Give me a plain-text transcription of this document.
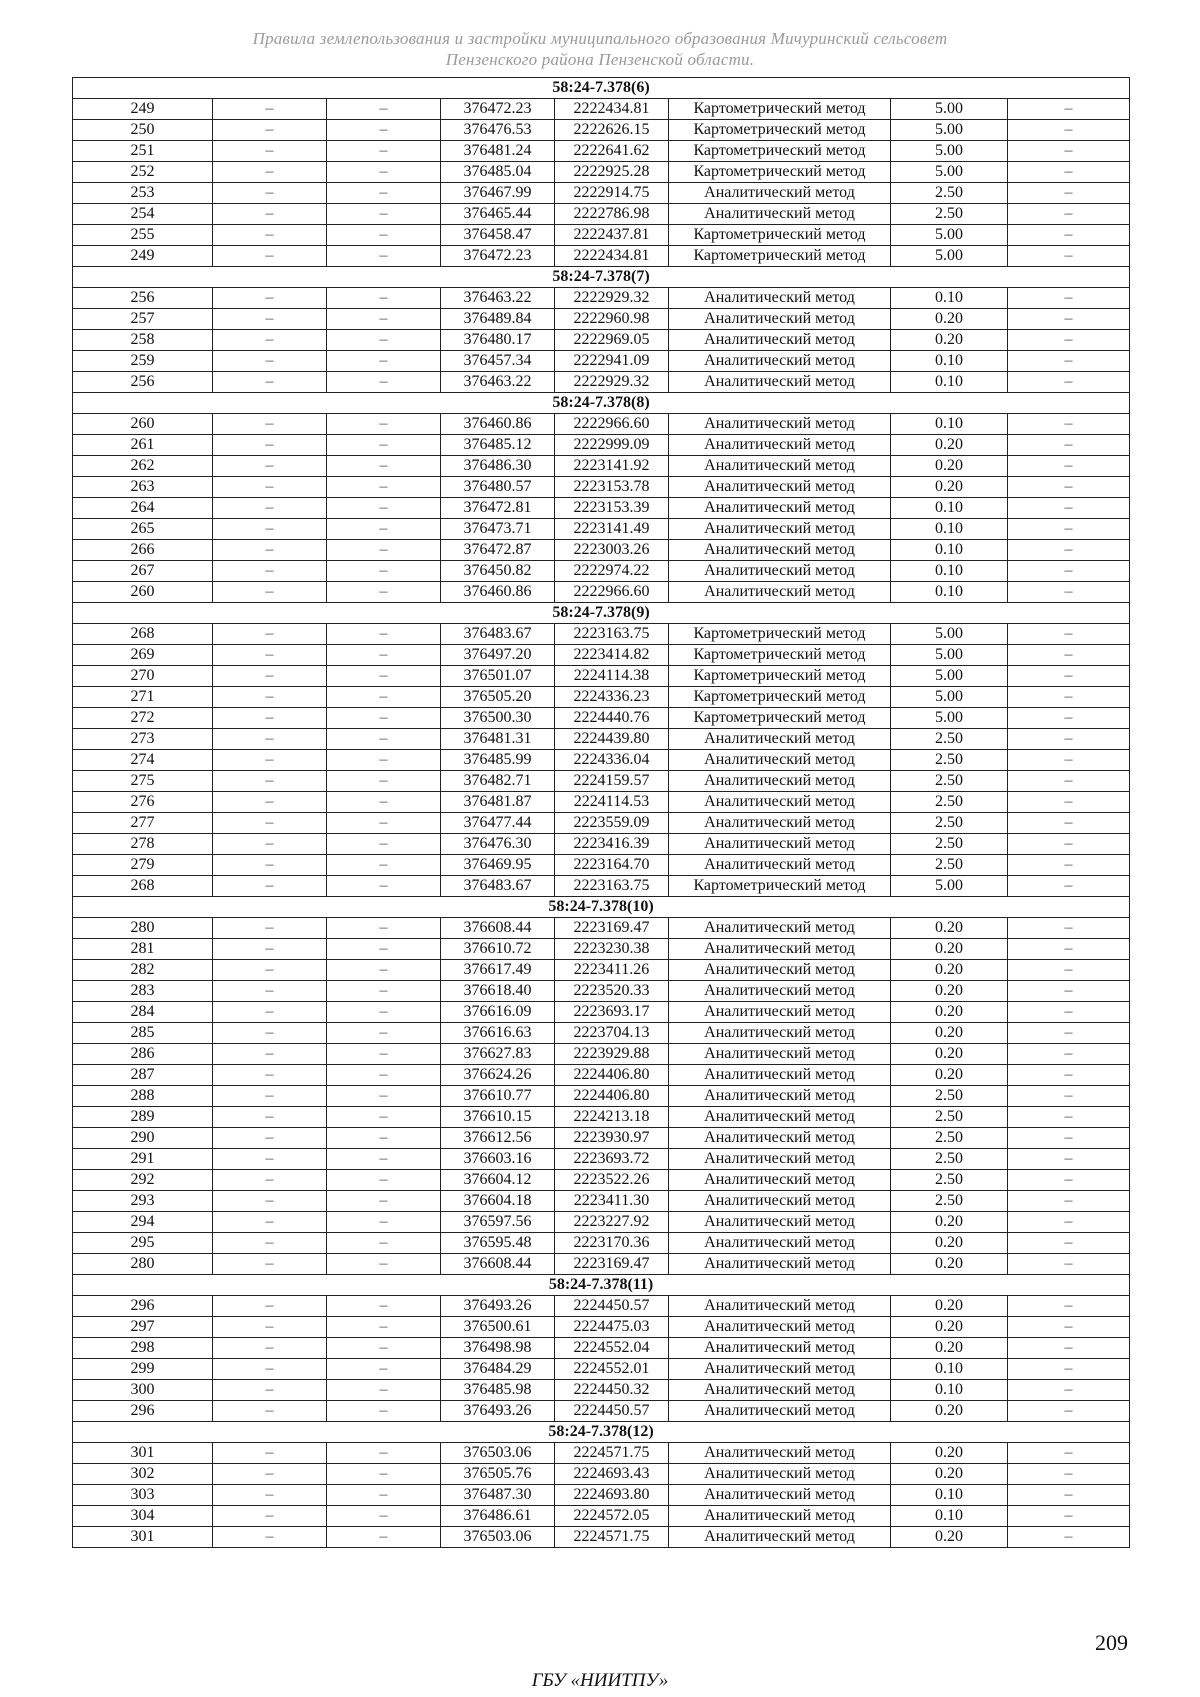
Правила землепользования и застройки муниципального образования Мичуринский сельсовет
Пензенского района Пензенской области.
58:24-7.378(6)							
249	–	–	376472.23	2222434.81	Картометрический метод	5.00	–
250	–	–	376476.53	2222626.15	Картометрический метод	5.00	–
251	–	–	376481.24	2222641.62	Картометрический метод	5.00	–
252	–	–	376485.04	2222925.28	Картометрический метод	5.00	–
253	–	–	376467.99	2222914.75	Аналитический метод	2.50	–
254	–	–	376465.44	2222786.98	Аналитический метод	2.50	–
255	–	–	376458.47	2222437.81	Картометрический метод	5.00	–
249	–	–	376472.23	2222434.81	Картометрический метод	5.00	–
58:24-7.378(7)							
256	–	–	376463.22	2222929.32	Аналитический метод	0.10	–
257	–	–	376489.84	2222960.98	Аналитический метод	0.20	–
258	–	–	376480.17	2222969.05	Аналитический метод	0.20	–
259	–	–	376457.34	2222941.09	Аналитический метод	0.10	–
256	–	–	376463.22	2222929.32	Аналитический метод	0.10	–
58:24-7.378(8)							
260	–	–	376460.86	2222966.60	Аналитический метод	0.10	–
261	–	–	376485.12	2222999.09	Аналитический метод	0.20	–
262	–	–	376486.30	2223141.92	Аналитический метод	0.20	–
263	–	–	376480.57	2223153.78	Аналитический метод	0.20	–
264	–	–	376472.81	2223153.39	Аналитический метод	0.10	–
265	–	–	376473.71	2223141.49	Аналитический метод	0.10	–
266	–	–	376472.87	2223003.26	Аналитический метод	0.10	–
267	–	–	376450.82	2222974.22	Аналитический метод	0.10	–
260	–	–	376460.86	2222966.60	Аналитический метод	0.10	–
58:24-7.378(9)							
268	–	–	376483.67	2223163.75	Картометрический метод	5.00	–
269	–	–	376497.20	2223414.82	Картометрический метод	5.00	–
270	–	–	376501.07	2224114.38	Картометрический метод	5.00	–
271	–	–	376505.20	2224336.23	Картометрический метод	5.00	–
272	–	–	376500.30	2224440.76	Картометрический метод	5.00	–
273	–	–	376481.31	2224439.80	Аналитический метод	2.50	–
274	–	–	376485.99	2224336.04	Аналитический метод	2.50	–
275	–	–	376482.71	2224159.57	Аналитический метод	2.50	–
276	–	–	376481.87	2224114.53	Аналитический метод	2.50	–
277	–	–	376477.44	2223559.09	Аналитический метод	2.50	–
278	–	–	376476.30	2223416.39	Аналитический метод	2.50	–
279	–	–	376469.95	2223164.70	Аналитический метод	2.50	–
268	–	–	376483.67	2223163.75	Картометрический метод	5.00	–
58:24-7.378(10)							
280	–	–	376608.44	2223169.47	Аналитический метод	0.20	–
281	–	–	376610.72	2223230.38	Аналитический метод	0.20	–
282	–	–	376617.49	2223411.26	Аналитический метод	0.20	–
283	–	–	376618.40	2223520.33	Аналитический метод	0.20	–
284	–	–	376616.09	2223693.17	Аналитический метод	0.20	–
285	–	–	376616.63	2223704.13	Аналитический метод	0.20	–
286	–	–	376627.83	2223929.88	Аналитический метод	0.20	–
287	–	–	376624.26	2224406.80	Аналитический метод	0.20	–
288	–	–	376610.77	2224406.80	Аналитический метод	2.50	–
289	–	–	376610.15	2224213.18	Аналитический метод	2.50	–
290	–	–	376612.56	2223930.97	Аналитический метод	2.50	–
291	–	–	376603.16	2223693.72	Аналитический метод	2.50	–
292	–	–	376604.12	2223522.26	Аналитический метод	2.50	–
293	–	–	376604.18	2223411.30	Аналитический метод	2.50	–
294	–	–	376597.56	2223227.92	Аналитический метод	0.20	–
295	–	–	376595.48	2223170.36	Аналитический метод	0.20	–
280	–	–	376608.44	2223169.47	Аналитический метод	0.20	–
58:24-7.378(11)							
296	–	–	376493.26	2224450.57	Аналитический метод	0.20	–
297	–	–	376500.61	2224475.03	Аналитический метод	0.20	–
298	–	–	376498.98	2224552.04	Аналитический метод	0.20	–
299	–	–	376484.29	2224552.01	Аналитический метод	0.10	–
300	–	–	376485.98	2224450.32	Аналитический метод	0.10	–
296	–	–	376493.26	2224450.57	Аналитический метод	0.20	–
58:24-7.378(12)							
301	–	–	376503.06	2224571.75	Аналитический метод	0.20	–
302	–	–	376505.76	2224693.43	Аналитический метод	0.20	–
303	–	–	376487.30	2224693.80	Аналитический метод	0.10	–
304	–	–	376486.61	2224572.05	Аналитический метод	0.10	–
301	–	–	376503.06	2224571.75	Аналитический метод	0.20	–
209
ГБУ «НИИТПУ»
